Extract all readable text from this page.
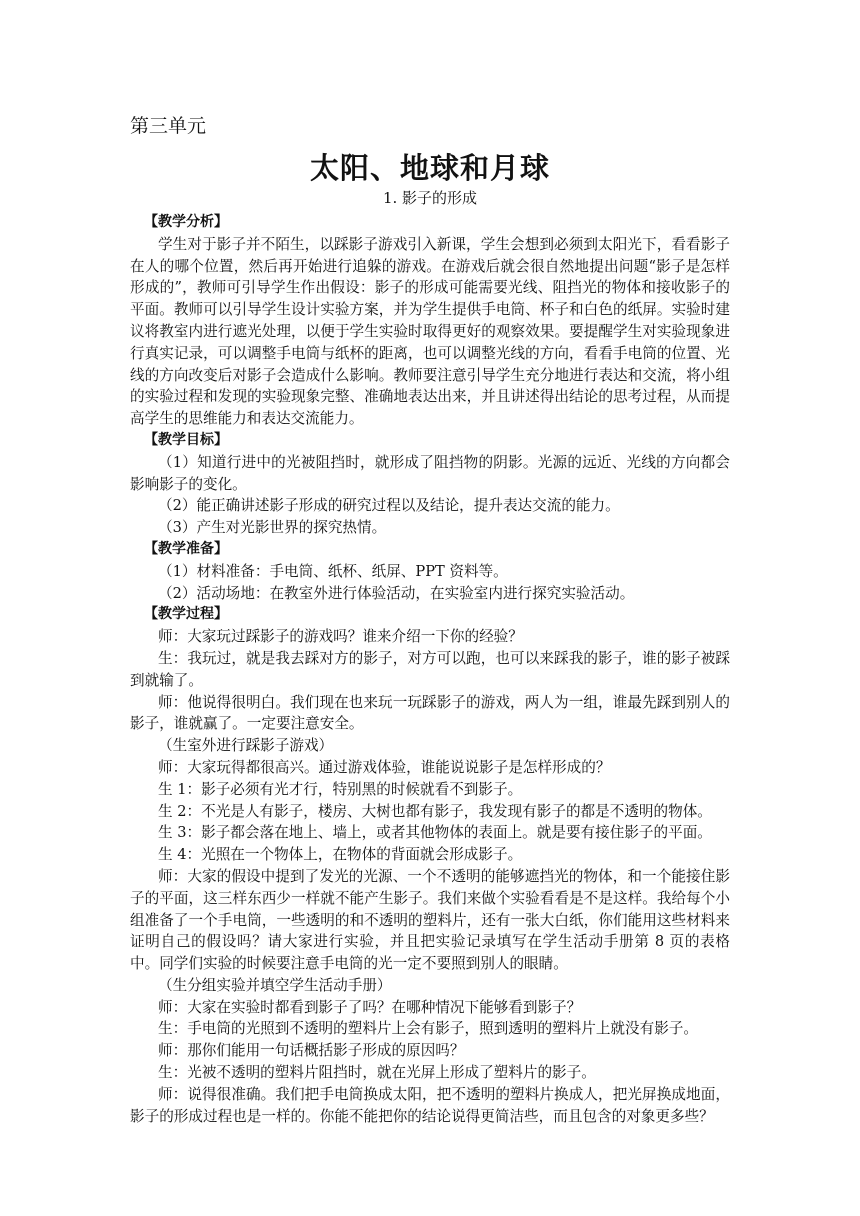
第三单元
太阳、地球和月球
1. 影子的形成
【教学分析】

学生对于影子并不陌生，以踩影子游戏引入新课，学生会想到必须到太阳光下，看看影子在人的哪个位置，然后再开始进行追躲的游戏。在游戏后就会很自然地提出问题“影子是怎样形成的”，教师可引导学生作出假设：影子的形成可能需要光线、阻挡光的物体和接收影子的平面。教师可以引导学生设计实验方案，并为学生提供手电筒、杯子和白色的纸屏。实验时建议将教室内进行遮光处理，以便于学生实验时取得更好的观察效果。要提醒学生对实验现象进行真实记录，可以调整手电筒与纸杯的距离，也可以调整光线的方向，看看手电筒的位置、光线的方向改变后对影子会造成什么影响。教师要注意引导学生充分地进行表达和交流，将小组的实验过程和发现的实验现象完整、准确地表达出来，并且讲述得出结论的思考过程，从而提高学生的思维能力和表达交流能力。

【教学目标】

（1）知道行进中的光被阻挡时，就形成了阻挡物的阴影。光源的远近、光线的方向都会影响影子的变化。

（2）能正确讲述影子形成的研究过程以及结论，提升表达交流的能力。

（3）产生对光影世界的探究热情。

【教学准备】

（1）材料准备：手电筒、纸杯、纸屏、PPT 资料等。

（2）活动场地：在教室外进行体验活动，在实验室内进行探究实验活动。

【教学过程】

师：大家玩过踩影子的游戏吗？谁来介绍一下你的经验？

生：我玩过，就是我去踩对方的影子，对方可以跑，也可以来踩我的影子，谁的影子被踩到就输了。

师：他说得很明白。我们现在也来玩一玩踩影子的游戏，两人为一组，谁最先踩到别人的影子，谁就赢了。一定要注意安全。

（生室外进行踩影子游戏）

师：大家玩得都很高兴。通过游戏体验，谁能说说影子是怎样形成的？

生 1：影子必须有光才行，特别黑的时候就看不到影子。

生 2：不光是人有影子，楼房、大树也都有影子，我发现有影子的都是不透明的物体。

生 3：影子都会落在地上、墙上，或者其他物体的表面上。就是要有接住影子的平面。

生 4：光照在一个物体上，在物体的背面就会形成影子。

师：大家的假设中提到了发光的光源、一个不透明的能够遮挡光的物体，和一个能接住影子的平面，这三样东西少一样就不能产生影子。我们来做个实验看看是不是这样。我给每个小组准备了一个手电筒，一些透明的和不透明的塑料片，还有一张大白纸，你们能用这些材料来证明自己的假设吗？请大家进行实验，并且把实验记录填写在学生活动手册第 8 页的表格中。同学们实验的时候要注意手电筒的光一定不要照到别人的眼睛。

（生分组实验并填空学生活动手册）

师：大家在实验时都看到影子了吗？在哪种情况下能够看到影子？

生：手电筒的光照到不透明的塑料片上会有影子，照到透明的塑料片上就没有影子。

师：那你们能用一句话概括影子形成的原因吗？

生：光被不透明的塑料片阻挡时，就在光屏上形成了塑料片的影子。

师：说得很准确。我们把手电筒换成太阳，把不透明的塑料片换成人，把光屏换成地面，影子的形成过程也是一样的。你能不能把你的结论说得更简洁些，而且包含的对象更多些？
